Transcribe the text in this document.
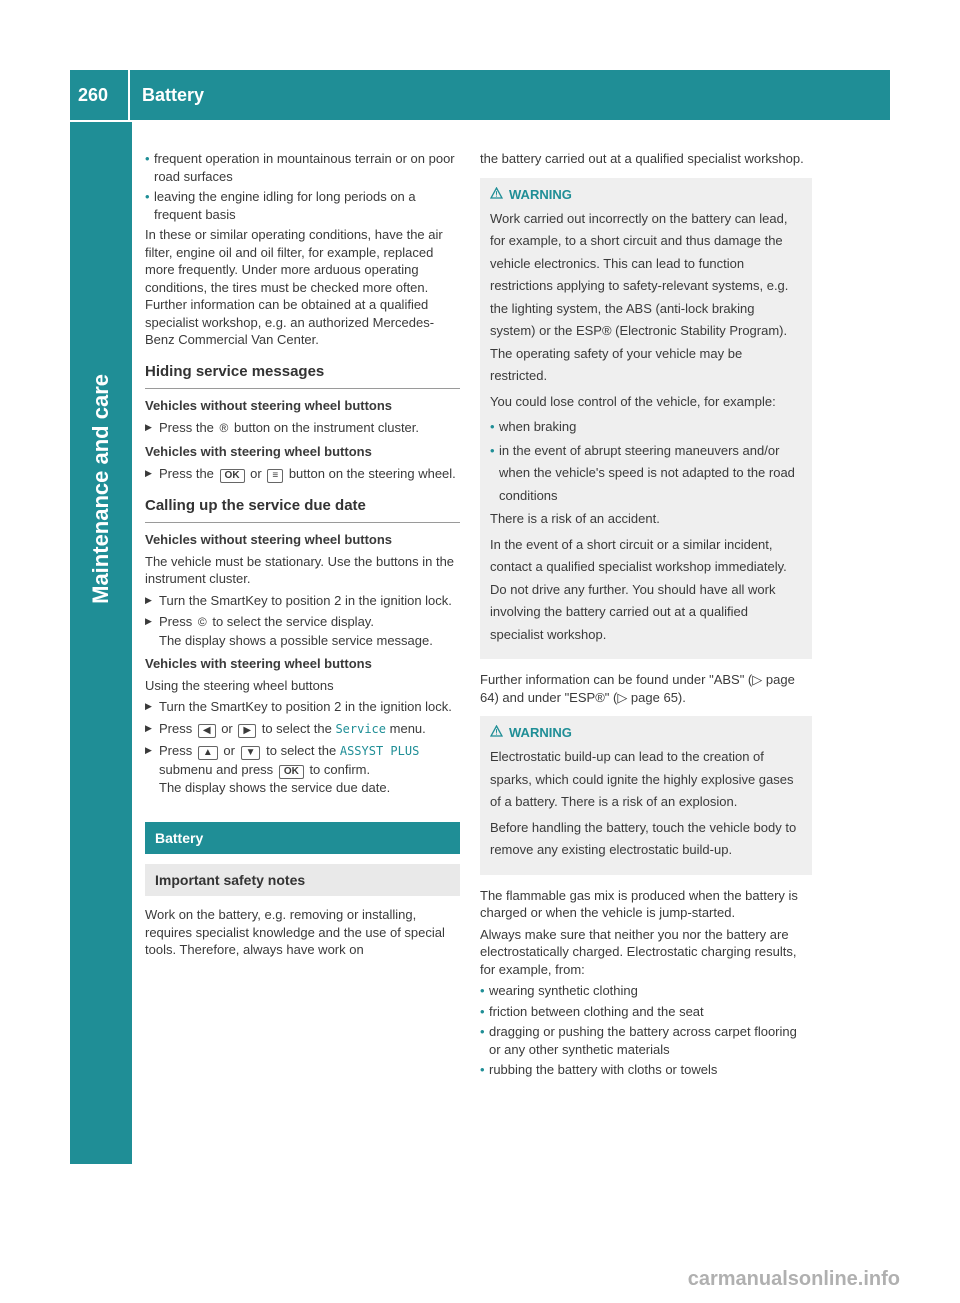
260	Battery
Maintenance and care
• frequent operation in mountainous terrain or on poor road surfaces
• leaving the engine idling for long periods on a frequent basis

In these or similar operating conditions, have the air filter, engine oil and oil filter, for example, replaced more frequently. Under more arduous operating conditions, the tires must be checked more often. Further information can be obtained at a qualified specialist workshop, e.g. an authorized Mercedes-Benz Commercial Van Center.

Hiding service messages
Vehicles without steering wheel buttons
▶ Press the ® button on the instrument cluster.
Vehicles with steering wheel buttons
▶ Press the OK or ≡ button on the steering wheel.
Calling up the service due date
Vehicles without steering wheel buttons

The vehicle must be stationary. Use the buttons in the instrument cluster.

▶ Turn the SmartKey to position 2 in the ignition lock.
▶ Press © to select the service display.
The display shows a possible service message.
Vehicles with steering wheel buttons

Using the steering wheel buttons

▶ Turn the SmartKey to position 2 in the ignition lock.
▶ Press ◀ or ▶ to select the Service menu.
▶ Press ▲ or ▼ to select the ASSYST PLUS submenu and press OK to confirm.
The display shows the service due date.
Battery
Important safety notes

Work on the battery, e.g. removing or installing, requires specialist knowledge and the use of special tools. Therefore, always have work on

the battery carried out at a qualified specialist workshop.

WARNING

Work carried out incorrectly on the battery can lead, for example, to a short circuit and thus damage the vehicle electronics. This can lead to function restrictions applying to safety-relevant systems, e.g. the lighting system, the ABS (anti-lock braking system) or the ESP® (Electronic Stability Program). The operating safety of your vehicle may be restricted.

You could lose control of the vehicle, for example:

• when braking
• in the event of abrupt steering maneuvers and/or when the vehicle's speed is not adapted to the road conditions

There is a risk of an accident.

In the event of a short circuit or a similar incident, contact a qualified specialist workshop immediately. Do not drive any further. You should have all work involving the battery carried out at a qualified specialist workshop.

Further information can be found under "ABS" (▷ page 64) and under "ESP®" (▷ page 65).

WARNING

Electrostatic build-up can lead to the creation of sparks, which could ignite the highly explosive gases of a battery. There is a risk of an explosion.

Before handling the battery, touch the vehicle body to remove any existing electrostatic build-up.

The flammable gas mix is produced when the battery is charged or when the vehicle is jump-started.

Always make sure that neither you nor the battery are electrostatically charged. Electrostatic charging results, for example, from:

• wearing synthetic clothing
• friction between clothing and the seat
• dragging or pushing the battery across carpet flooring or any other synthetic materials
• rubbing the battery with cloths or towels
carmanualsonline.info
